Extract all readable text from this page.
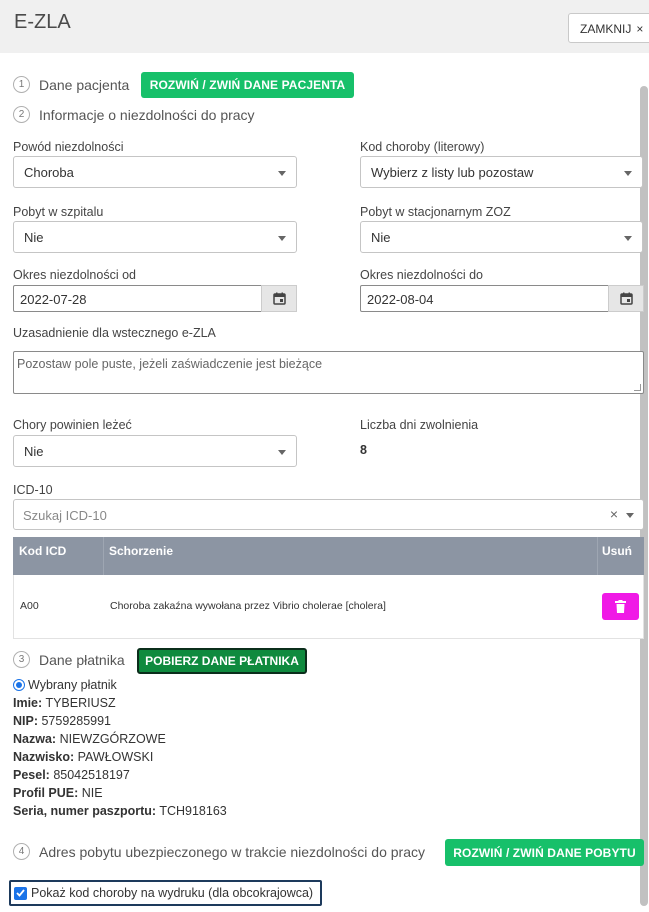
E-ZLA	ZAMKNIJ ×
1	Dane pacjenta	ROZWIŃ / ZWIŃ DANE PACJENTA
2	Informacje o niezdolności do pracy
Powód niezdolności
Choroba
Kod choroby (literowy)
Wybierz z listy lub pozostaw
Pobyt w szpitalu
Nie
Pobyt w stacjonarnym ZOZ
Nie
Okres niezdolności od
2022-07-28
Okres niezdolności do
2022-08-04
Uzasadnienie dla wstecznego e-ZLA
Pozostaw pole puste, jeżeli zaświadczenie jest bieżące
Chory powinien leżeć
Nie
Liczba dni zwolnienia
8
ICD-10
Szukaj ICD-10	×
Kod ICD	Schorzenie	Usuń
A00	Choroba zakaźna wywołana przez Vibrio cholerae [cholera]
3	Dane płatnika	POBIERZ DANE PŁATNIKA
Wybrany płatnik
Imie: TYBERIUSZ
NIP: 5759285991
Nazwa: NIEWZGÓRZOWE
Nazwisko: PAWŁOWSKI
Pesel: 85042518197
Profil PUE: NIE
Seria, numer paszportu: TCH918163
4	Adres pobytu ubezpieczonego w trakcie niezdolności do pracy	ROZWIŃ / ZWIŃ DANE POBYTU
Pokaż kod choroby na wydruku (dla obcokrajowca)
